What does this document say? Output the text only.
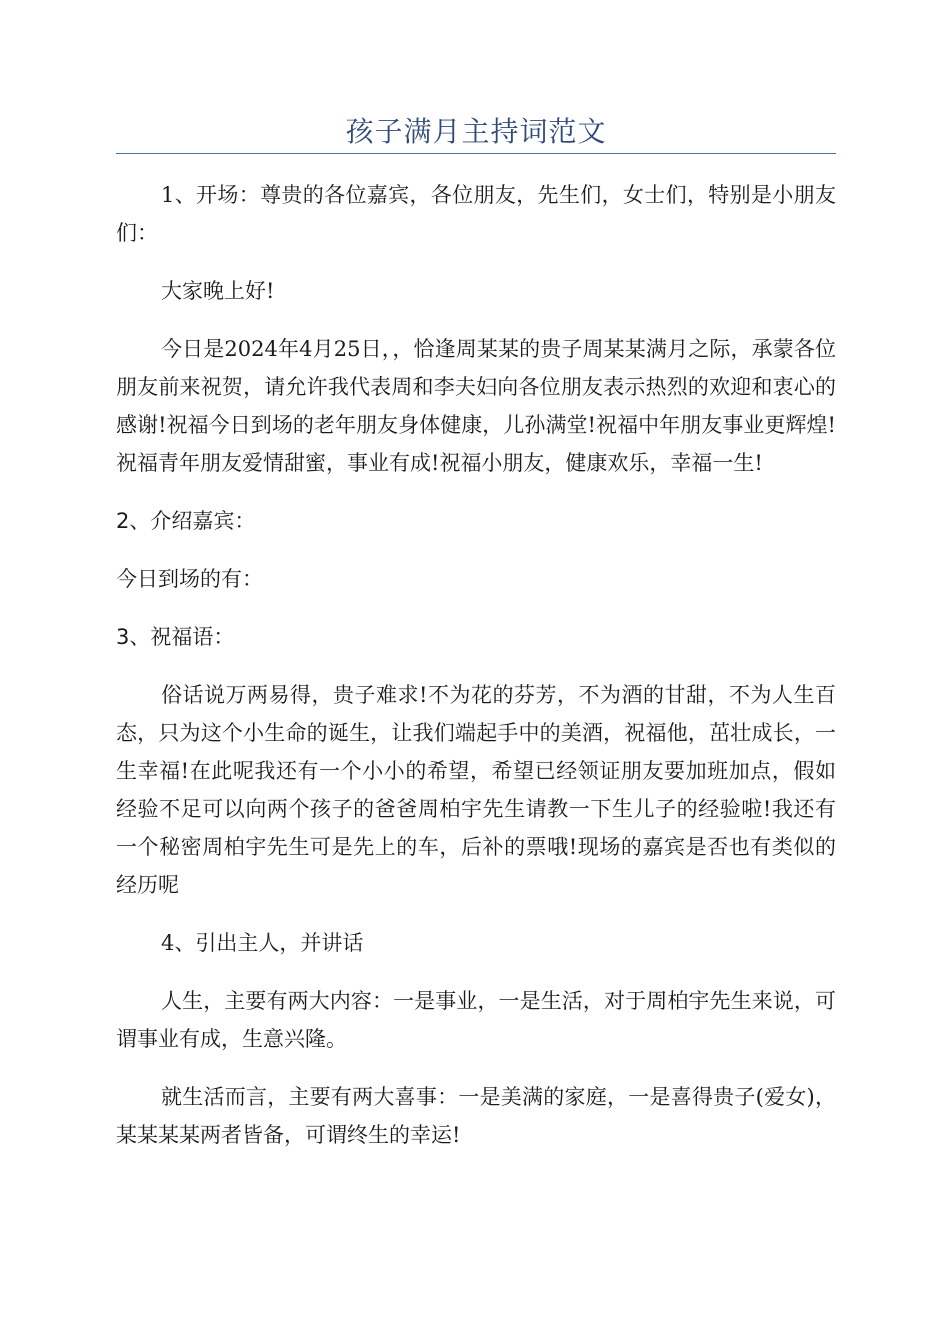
孩子满月主持词范文

1、开场：尊贵的各位嘉宾，各位朋友，先生们，女士们，特别是小朋友们：

大家晚上好!

今日是2024年4月25日，，恰逢周某某的贵子周某某满月之际，承蒙各位朋友前来祝贺，请允许我代表周和李夫妇向各位朋友表示热烈的欢迎和衷心的感谢!祝福今日到场的老年朋友身体健康，儿孙满堂!祝福中年朋友事业更辉煌!祝福青年朋友爱情甜蜜，事业有成!祝福小朋友，健康欢乐，幸福一生!

2、介绍嘉宾：

今日到场的有：

3、祝福语：

俗话说万两易得，贵子难求!不为花的芬芳，不为酒的甘甜，不为人生百态，只为这个小生命的诞生，让我们端起手中的美酒，祝福他，茁壮成长，一生幸福!在此呢我还有一个小小的希望，希望已经领证朋友要加班加点，假如经验不足可以向两个孩子的爸爸周柏宇先生请教一下生儿子的经验啦!我还有一个秘密周柏宇先生可是先上的车，后补的票哦!现场的嘉宾是否也有类似的经历呢

4、引出主人，并讲话

人生，主要有两大内容：一是事业，一是生活，对于周柏宇先生来说，可谓事业有成，生意兴隆。

就生活而言，主要有两大喜事：一是美满的家庭，一是喜得贵子(爱女)，某某某某两者皆备，可谓终生的幸运!
